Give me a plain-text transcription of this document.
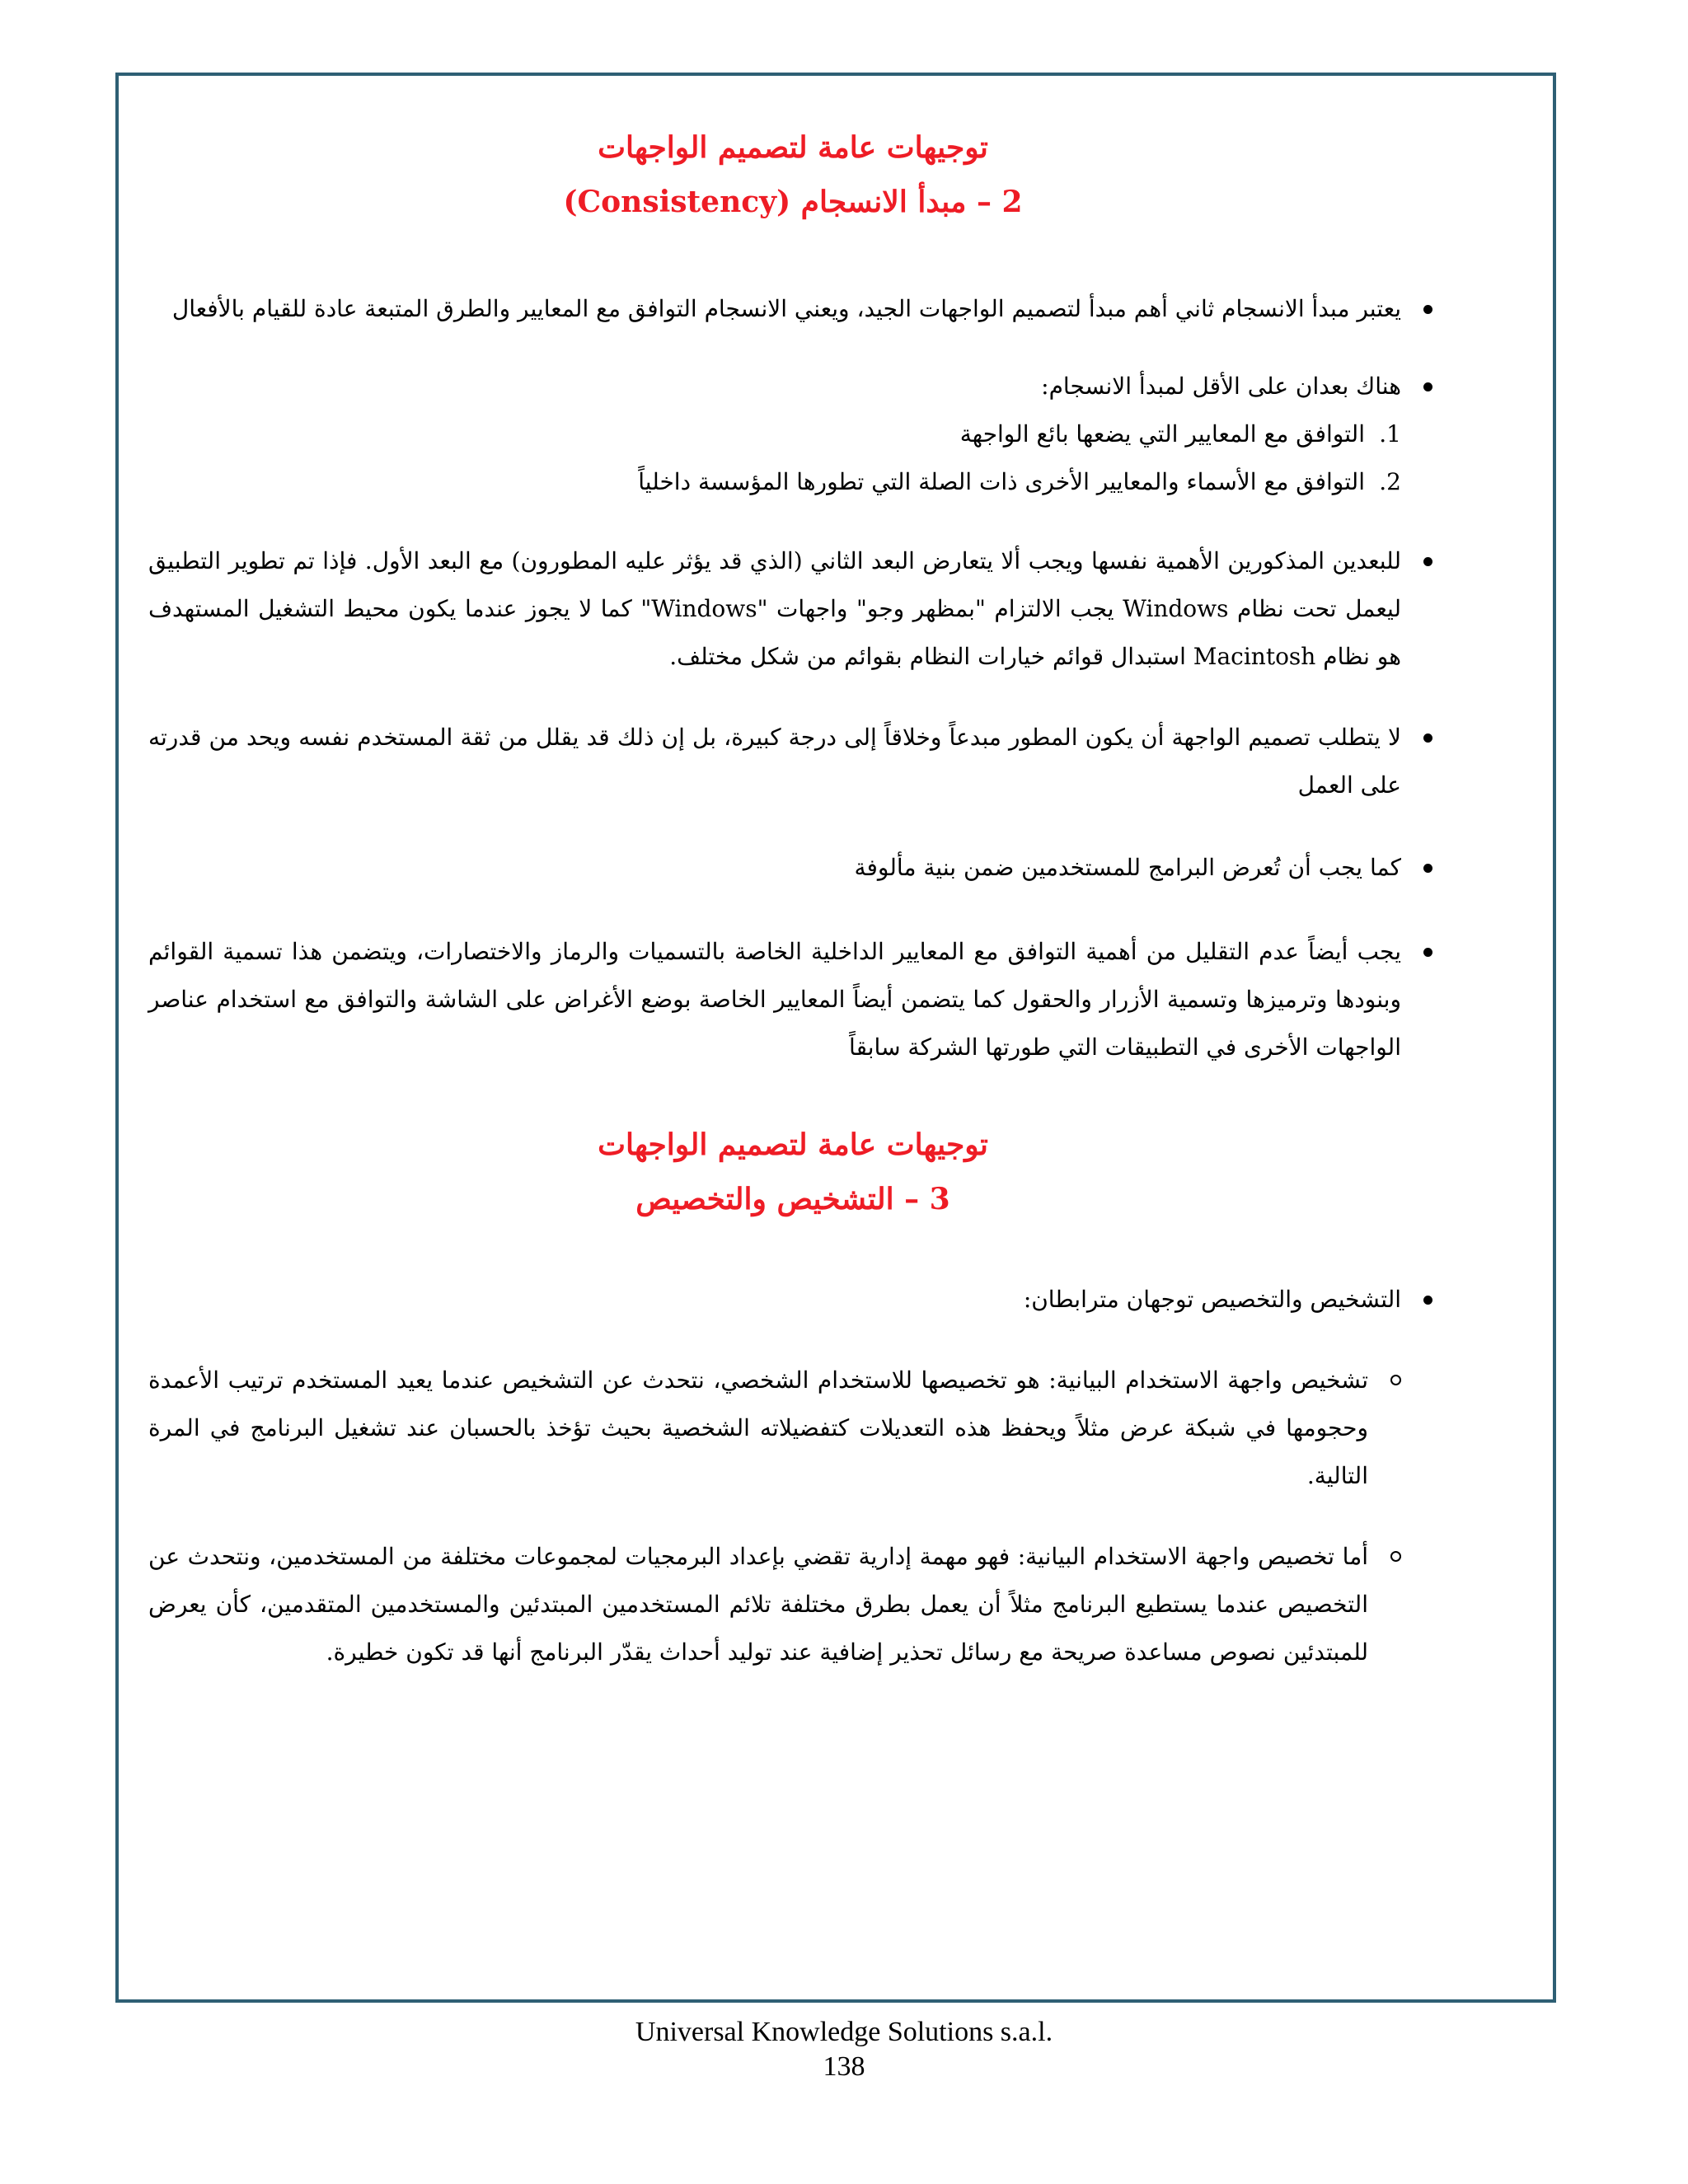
توجيهات عامة لتصميم الواجهات

2 – مبدأ الانسجام (Consistency)

يعتبر مبدأ الانسجام ثاني أهم مبدأ لتصميم الواجهات الجيد، ويعني الانسجام التوافق مع المعايير والطرق المتبعة عادة للقيام بالأفعال

هناك بعدان على الأقل لمبدأ الانسجام:

1.
التوافق مع المعايير التي يضعها بائع الواجهة
2.
التوافق مع الأسماء والمعايير الأخرى ذات الصلة التي تطورها المؤسسة داخلياً

للبعدين المذكورين الأهمية نفسها ويجب ألا يتعارض البعد الثاني (الذي قد يؤثر عليه المطورون) مع البعد الأول. فإذا تم تطوير التطبيق ليعمل تحت نظام Windows يجب الالتزام "بمظهر وجو" واجهات "Windows" كما لا يجوز عندما يكون محيط التشغيل المستهدف هو نظام Macintosh استبدال قوائم خيارات النظام بقوائم من شكل مختلف.

لا يتطلب تصميم الواجهة أن يكون المطور مبدعاً وخلاقاً إلى درجة كبيرة، بل إن ذلك قد يقلل من ثقة المستخدم نفسه ويحد من قدرته على العمل

كما يجب أن تُعرض البرامج للمستخدمين ضمن بنية مألوفة

يجب أيضاً عدم التقليل من أهمية التوافق مع المعايير الداخلية الخاصة بالتسميات والرماز والاختصارات، ويتضمن هذا تسمية القوائم وبنودها وترميزها وتسمية الأزرار والحقول كما يتضمن أيضاً المعايير الخاصة بوضع الأغراض على الشاشة والتوافق مع استخدام عناصر الواجهات الأخرى في التطبيقات التي طورتها الشركة سابقاً

توجيهات عامة لتصميم الواجهات

3 – التشخيص والتخصيص

التشخيص والتخصيص توجهان مترابطان:

تشخيص واجهة الاستخدام البيانية: هو تخصيصها للاستخدام الشخصي، نتحدث عن التشخيص عندما يعيد المستخدم ترتيب الأعمدة وحجومها في شبكة عرض مثلاً ويحفظ هذه التعديلات كتفضيلاته الشخصية بحيث تؤخذ بالحسبان عند تشغيل البرنامج في المرة التالية.

أما تخصيص واجهة الاستخدام البيانية: فهو مهمة إدارية تقضي بإعداد البرمجيات لمجموعات مختلفة من المستخدمين، ونتحدث عن التخصيص عندما يستطيع البرنامج مثلاً أن يعمل بطرق مختلفة تلائم المستخدمين المبتدئين والمستخدمين المتقدمين، كأن يعرض للمبتدئين نصوص مساعدة صريحة مع رسائل تحذير إضافية عند توليد أحداث يقدّر البرنامج أنها قد تكون خطيرة.

Universal Knowledge Solutions s.a.l.
138
